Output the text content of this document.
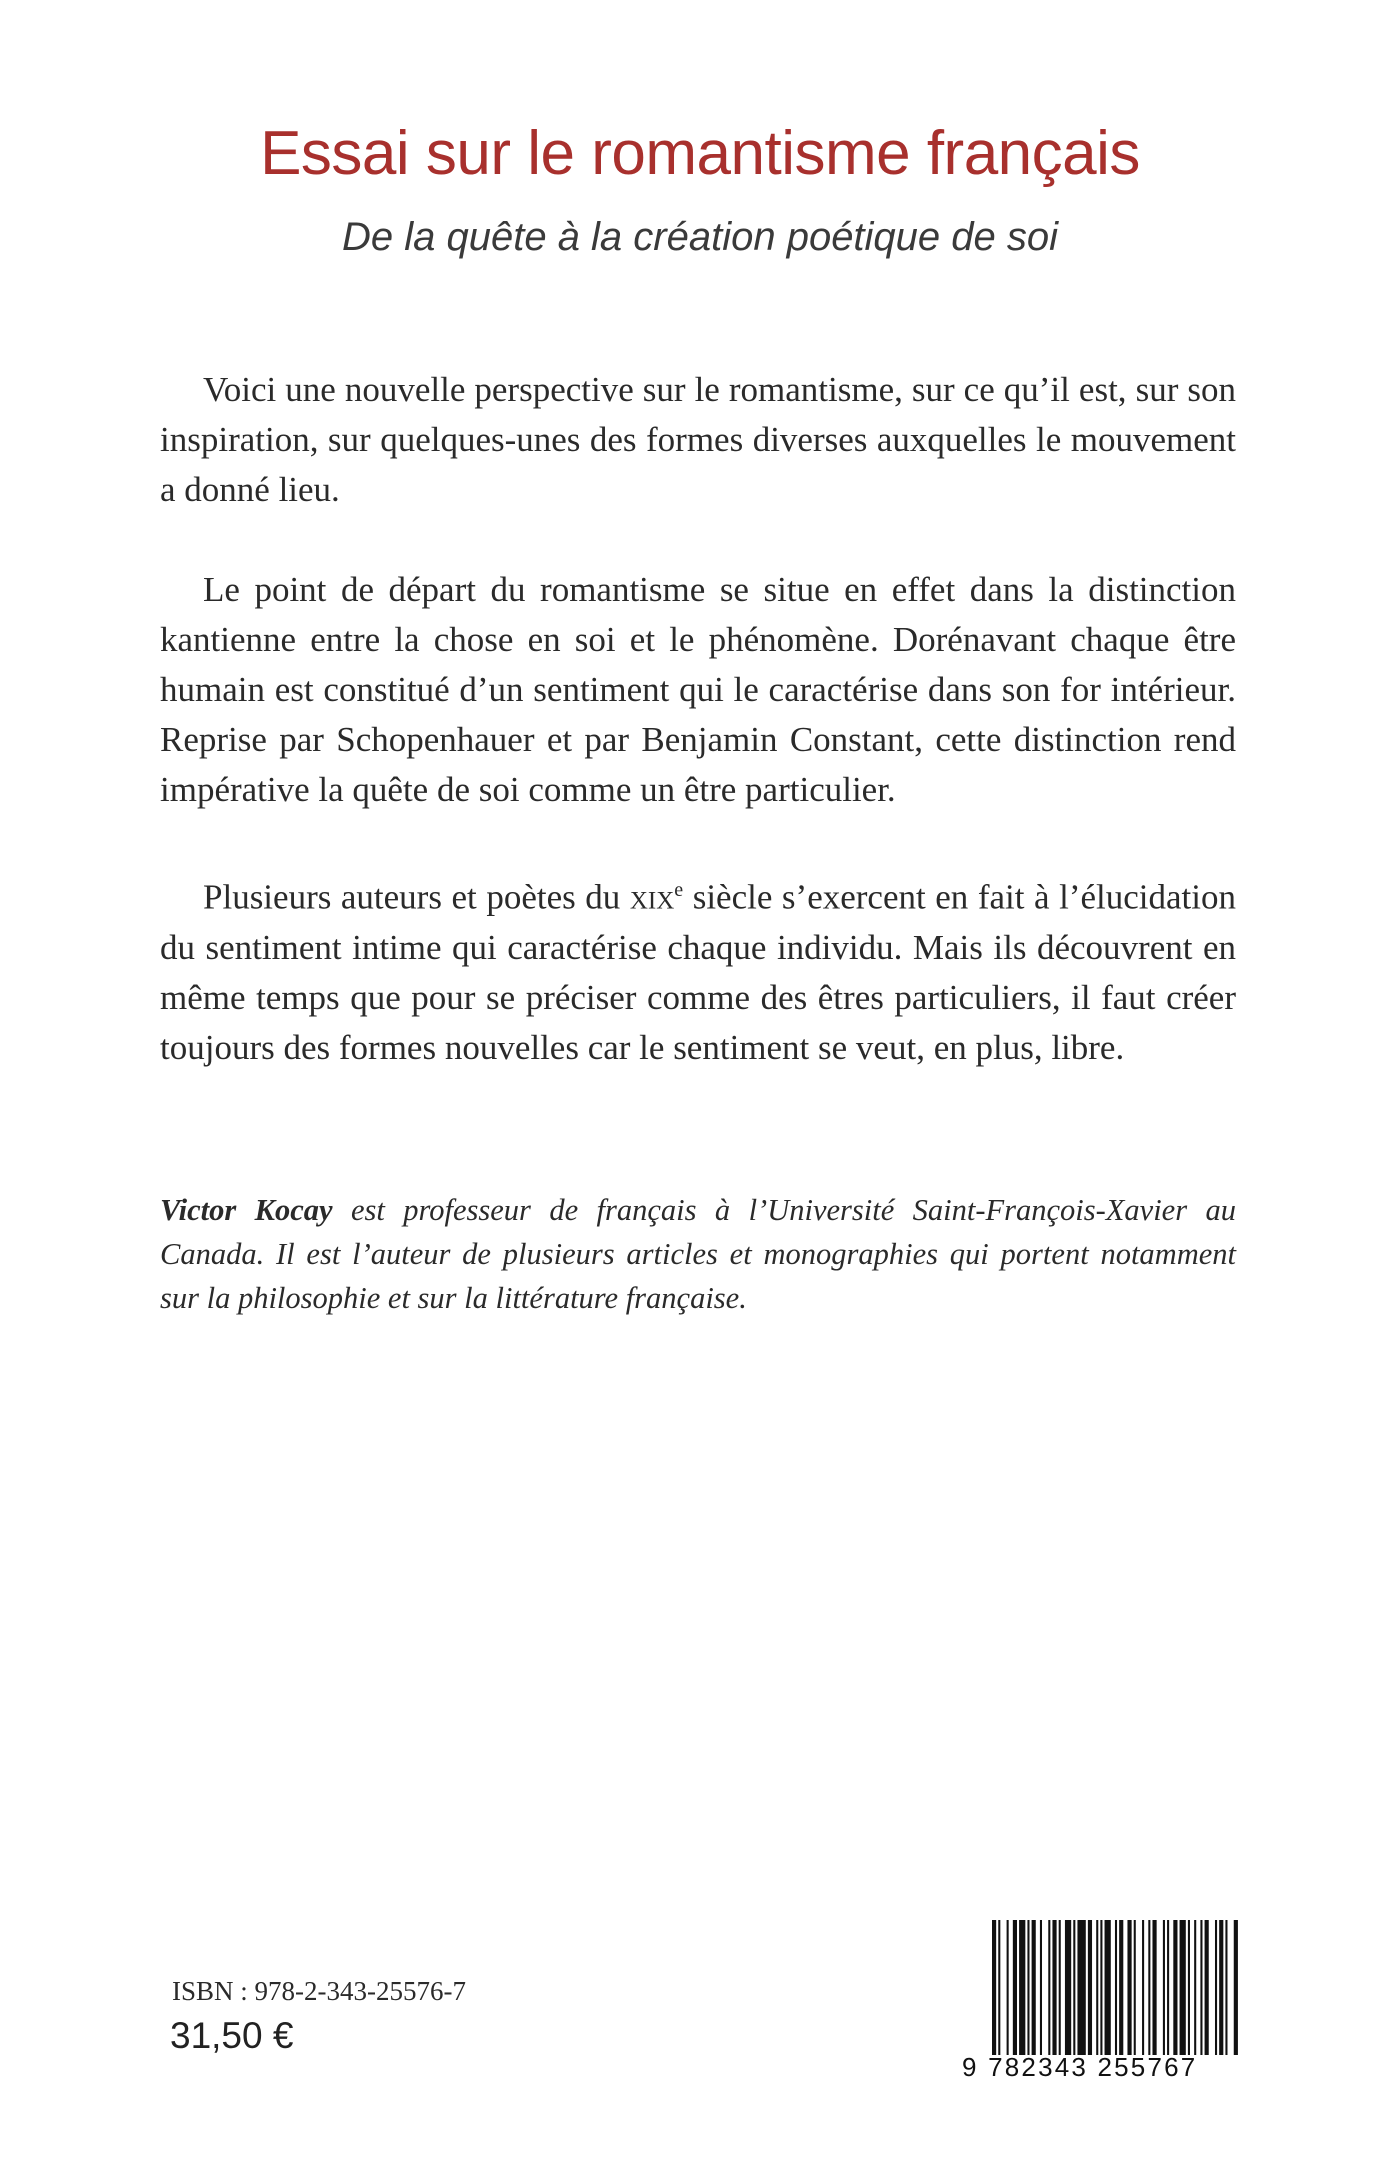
Essai sur le romantisme français
De la quête à la création poétique de soi

Voici une nouvelle perspective sur le romantisme, sur ce qu’il est, sur son inspiration, sur quelques-unes des formes diverses auxquelles le mouvement a donné lieu.

Le point de départ du romantisme se situe en effet dans la distinction kantienne entre la chose en soi et le phénomène. Dorénavant chaque être humain est constitué d’un sentiment qui le caractérise dans son for intérieur. Reprise par Schopenhauer et par Benjamin Constant, cette distinction rend impérative la quête de soi comme un être particulier.

Plusieurs auteurs et poètes du xix$^e$ siècle s’exercent en fait à l’élucidation du sentiment intime qui caractérise chaque individu. Mais ils découvrent en même temps que pour se préciser comme des êtres particuliers, il faut créer toujours des formes nouvelles car le sentiment se veut, en plus, libre.

Victor Kocay est professeur de français à l’Université Saint-François-Xavier au Canada. Il est l’auteur de plusieurs articles et monographies qui portent notamment sur la philosophie et sur la littérature française.
ISBN : 978-2-343-25576-7
31,50 €
9 782343 255767
